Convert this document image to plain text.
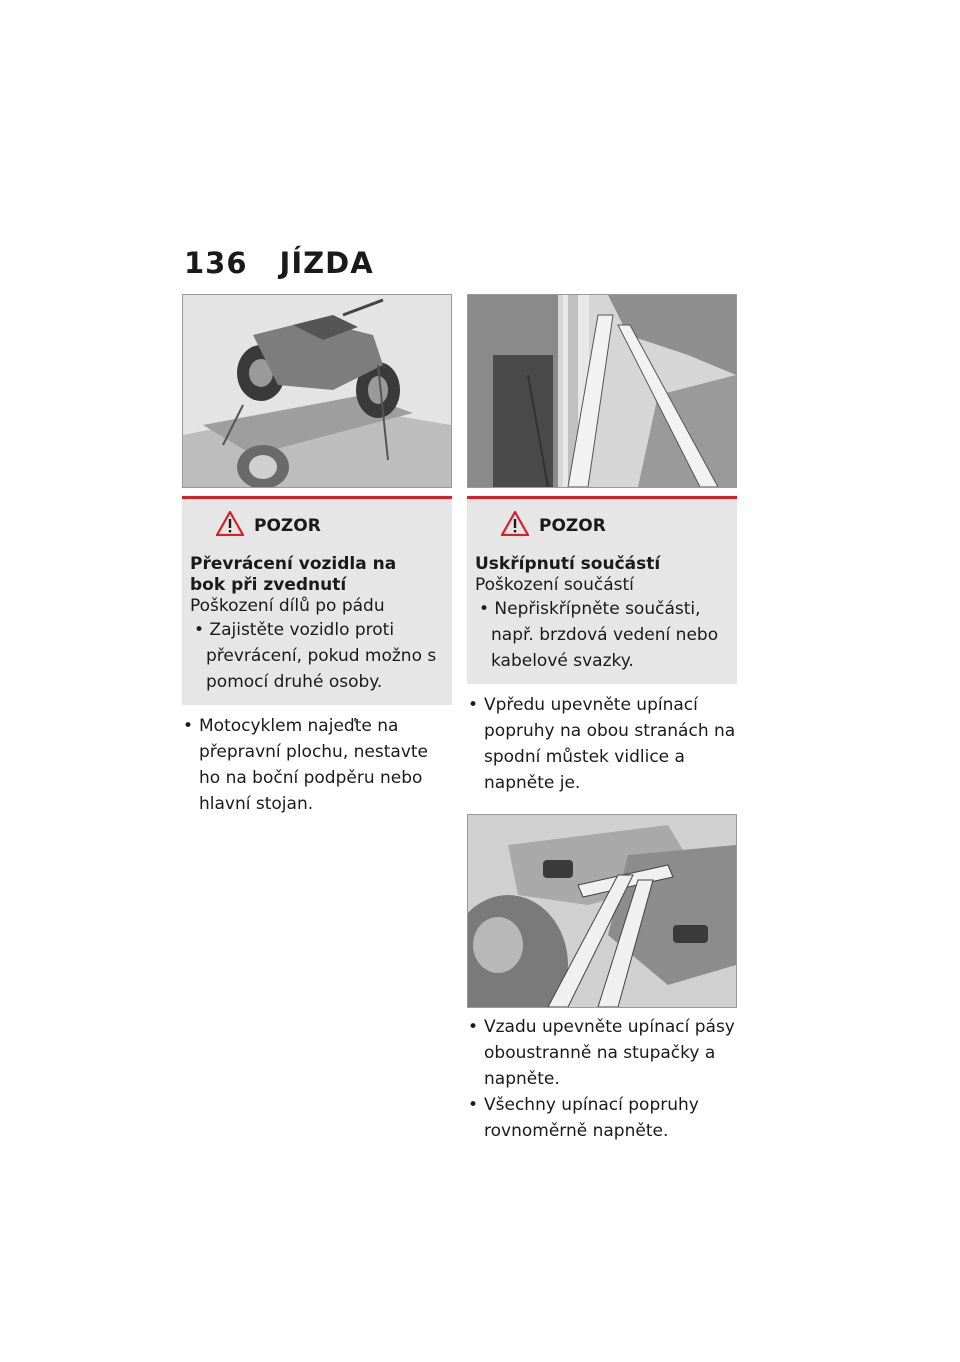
136 JÍZDA
POZOR
Převrácení vozidla na bok při zvednutí
Poškození dílů po pádu
• Zajistěte vozidlo proti převrácení, pokud možno s pomocí druhé osoby.
• Motocyklem najeďte na přepravní plochu, nestavte ho na boční podpěru nebo hlavní stojan.
POZOR
Uskřípnutí součástí
Poškození součástí
• Nepřiskřípněte součásti, např. brzdová vedení nebo kabelové svazky.
• Vpředu upevněte upínací popruhy na obou stranách na spodní můstek vidlice a napněte je.
• Vzadu upevněte upínací pásy oboustranně na stupačky a napněte.
• Všechny upínací popruhy rovnoměrně napněte.
